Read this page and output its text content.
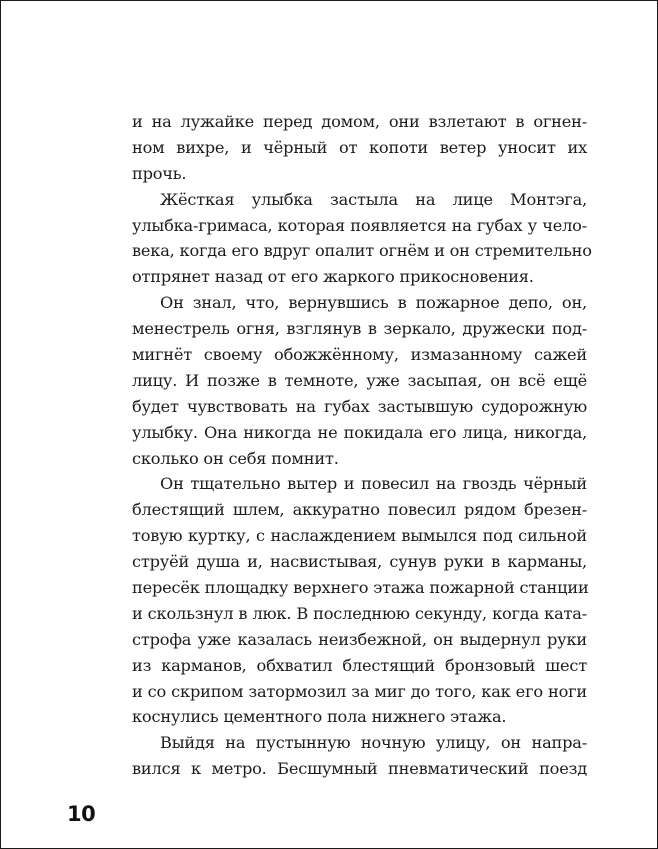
и на лужайке перед домом, они взлетают в огнен-
ном вихре, и чёрный от копоти ветер уносит их
прочь.
Жёсткая улыбка застыла на лице Монтэга,
улыбка-гримаса, которая появляется на губах у чело-
века, когда его вдруг опалит огнём и он стремительно
отпрянет назад от его жаркого прикосновения.
Он знал, что, вернувшись в пожарное депо, он,
менестрель огня, взглянув в зеркало, дружески под-
мигнёт своему обожжённому, измазанному сажей
лицу. И позже в темноте, уже засыпая, он всё ещё
будет чувствовать на губах застывшую судорожную
улыбку. Она никогда не покидала его лица, никогда,
сколько он себя помнит.
Он тщательно вытер и повесил на гвоздь чёрный
блестящий шлем, аккуратно повесил рядом брезен-
товую куртку, с наслаждением вымылся под сильной
струёй душа и, насвистывая, сунув руки в карманы,
пересёк площадку верхнего этажа пожарной станции
и скользнул в люк. В последнюю секунду, когда ката-
строфа уже казалась неизбежной, он выдернул руки
из карманов, обхватил блестящий бронзовый шест
и со скрипом затормозил за миг до того, как его ноги
коснулись цементного пола нижнего этажа.
Выйдя на пустынную ночную улицу, он напра-
вился к метро. Бесшумный пневматический поезд
10
